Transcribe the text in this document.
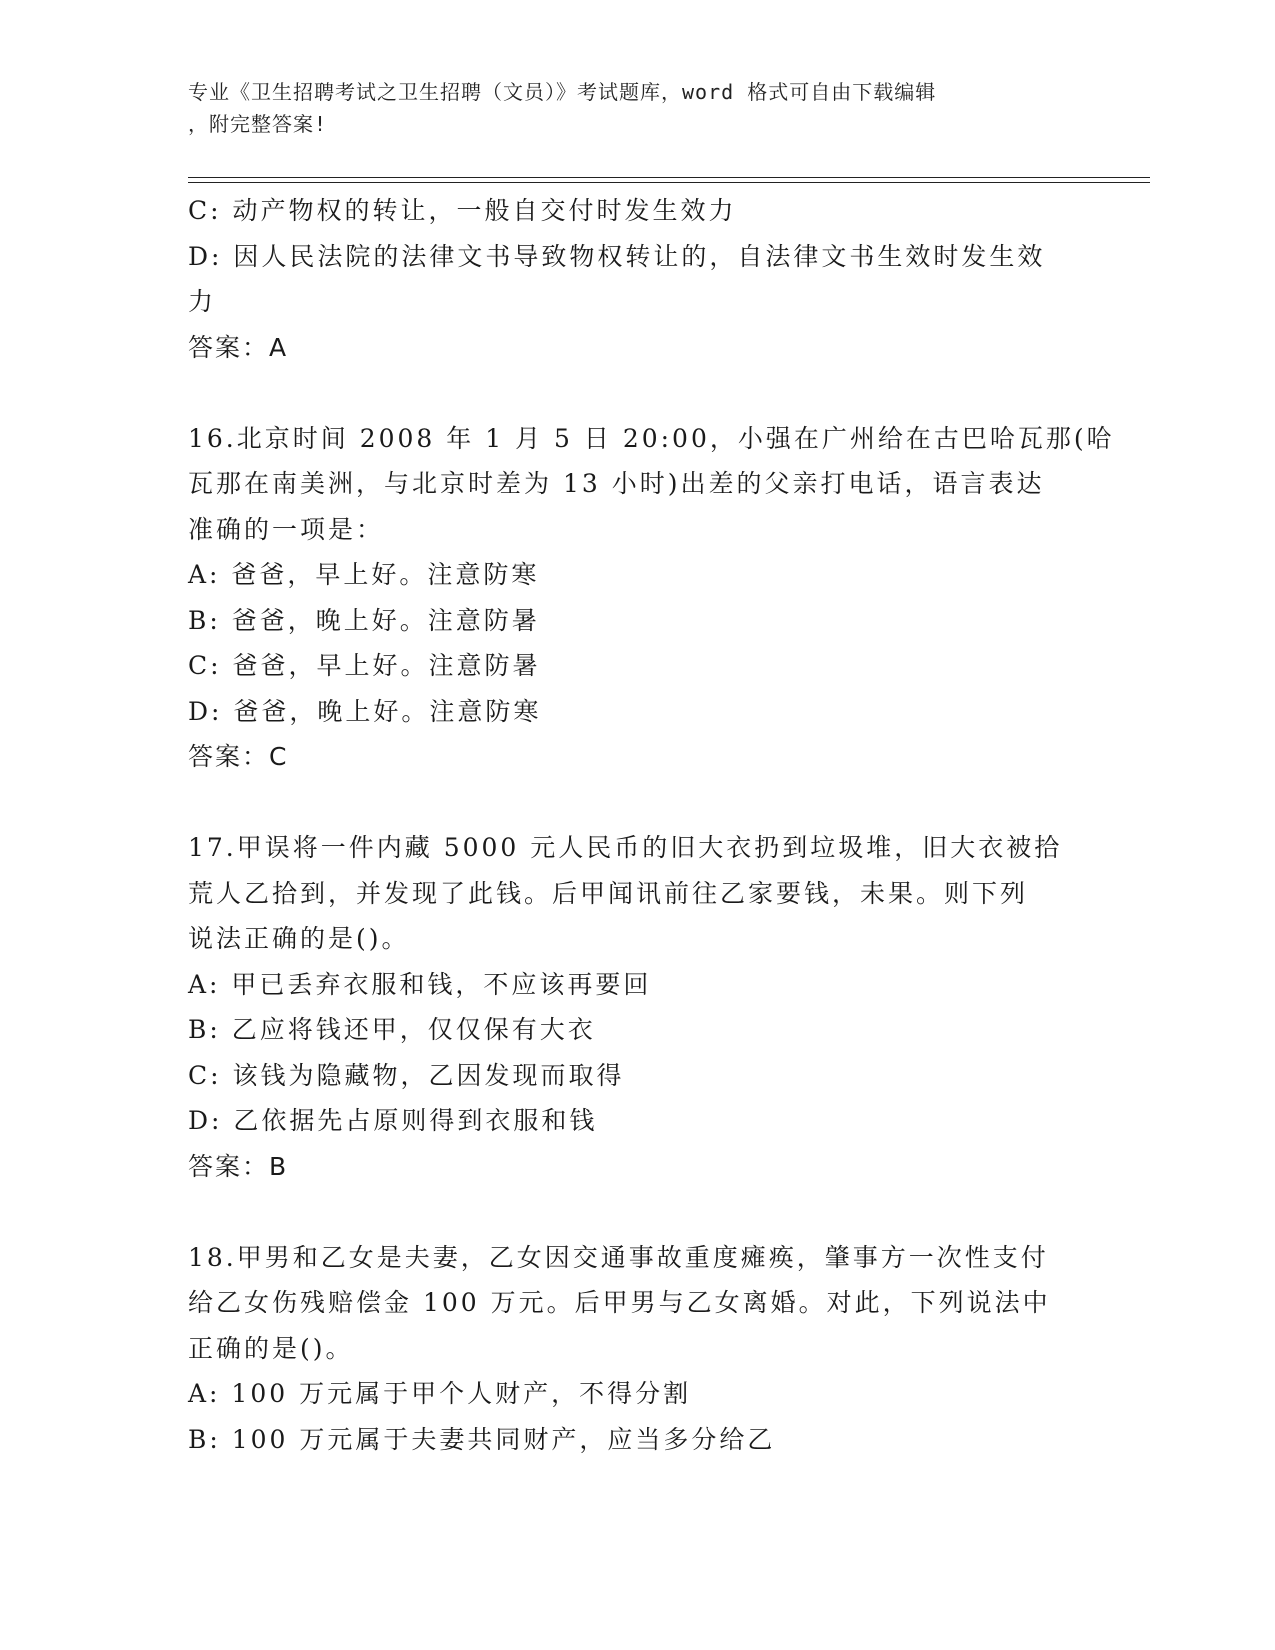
专业《卫生招聘考试之卫生招聘（文员）》考试题库，word 格式可自由下载编辑

，附完整答案!

C: 动产物权的转让，一般自交付时发生效力

D: 因人民法院的法律文书导致物权转让的，自法律文书生效时发生效

力

答案：A

16.北京时间 2008 年 1 月 5 日 20:00，小强在广州给在古巴哈瓦那(哈

瓦那在南美洲，与北京时差为 13 小时)出差的父亲打电话，语言表达

准确的一项是：

A: 爸爸，早上好。注意防寒

B: 爸爸，晚上好。注意防暑

C: 爸爸，早上好。注意防暑

D: 爸爸，晚上好。注意防寒

答案：C

17.甲误将一件内藏 5000 元人民币的旧大衣扔到垃圾堆，旧大衣被拾

荒人乙拾到，并发现了此钱。后甲闻讯前往乙家要钱，未果。则下列

说法正确的是()。

A: 甲已丢弃衣服和钱，不应该再要回

B: 乙应将钱还甲，仅仅保有大衣

C: 该钱为隐藏物，乙因发现而取得

D: 乙依据先占原则得到衣服和钱

答案：B

18.甲男和乙女是夫妻，乙女因交通事故重度瘫痪，肇事方一次性支付

给乙女伤残赔偿金 100 万元。后甲男与乙女离婚。对此，下列说法中

正确的是()。

A: 100 万元属于甲个人财产，不得分割

B: 100 万元属于夫妻共同财产，应当多分给乙
